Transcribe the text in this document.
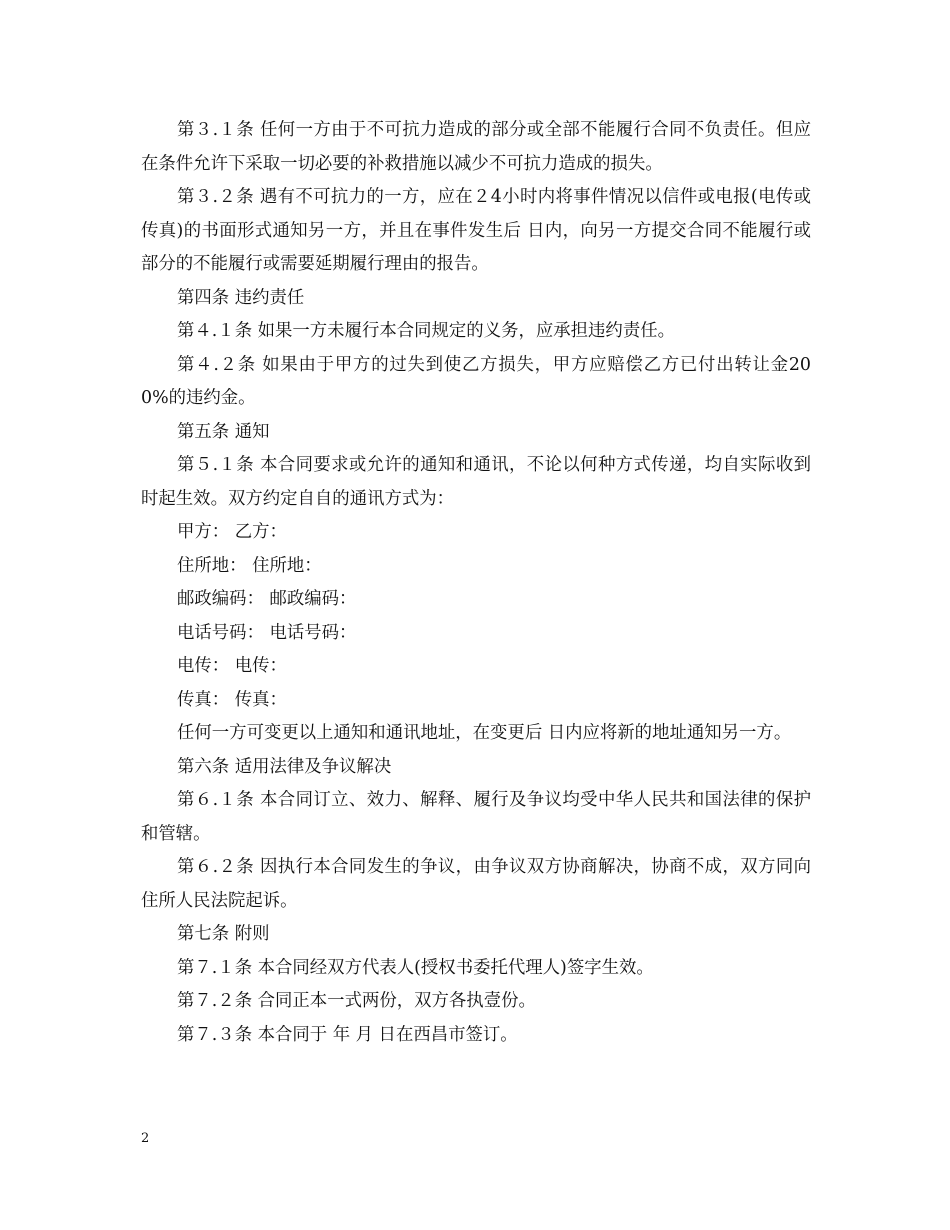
第３.１条 任何一方由于不可抗力造成的部分或全部不能履行合同不负责任。但应在条件允许下采取一切必要的补救措施以减少不可抗力造成的损失。

第３.２条 遇有不可抗力的一方，应在２4小时内将事件情况以信件或电报(电传或传真)的书面形式通知另一方，并且在事件发生后 日内，向另一方提交合同不能履行或部分的不能履行或需要延期履行理由的报告。

第四条 违约责任

第４.１条 如果一方未履行本合同规定的义务，应承担违约责任。

第４.２条 如果由于甲方的过失到使乙方损失，甲方应赔偿乙方已付出转让金200%的违约金。

第五条 通知

第５.１条 本合同要求或允许的通知和通讯，不论以何种方式传递，均自实际收到时起生效。双方约定自自的通讯方式为：

甲方： 乙方：

住所地： 住所地：

邮政编码： 邮政编码：

电话号码： 电话号码：

电传： 电传：

传真： 传真：

任何一方可变更以上通知和通讯地址，在变更后 日内应将新的地址通知另一方。

第六条 适用法律及争议解决

第６.１条 本合同订立、效力、解释、履行及争议均受中华人民共和国法律的保护和管辖。

第６.２条 因执行本合同发生的争议，由争议双方协商解决，协商不成，双方同向住所人民法院起诉。

第七条 附则

第７.１条 本合同经双方代表人(授权书委托代理人)签字生效。

第７.２条 合同正本一式两份，双方各执壹份。

第７.３条 本合同于 年 月 日在西昌市签订。

2
